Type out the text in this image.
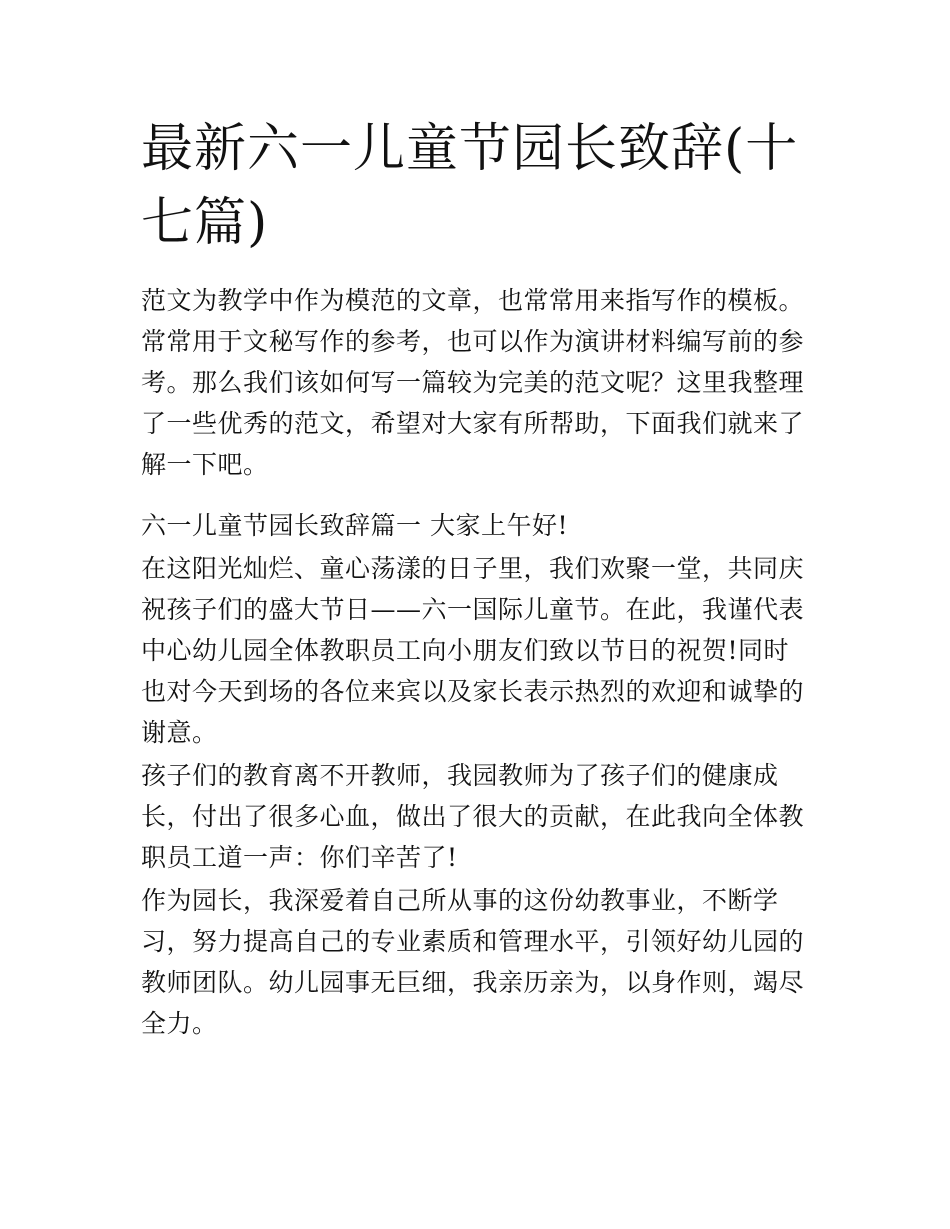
最新六一儿童节园长致辞(十七篇)

范文为教学中作为模范的文章，也常常用来指写作的模板。常常用于文秘写作的参考，也可以作为演讲材料编写前的参考。那么我们该如何写一篇较为完美的范文呢？这里我整理了一些优秀的范文，希望对大家有所帮助，下面我们就来了解一下吧。

六一儿童节园长致辞篇一 大家上午好!

在这阳光灿烂、童心荡漾的日子里，我们欢聚一堂，共同庆祝孩子们的盛大节日——六一国际儿童节。在此，我谨代表中心幼儿园全体教职员工向小朋友们致以节日的祝贺!同时也对今天到场的各位来宾以及家长表示热烈的欢迎和诚挚的谢意。

孩子们的教育离不开教师，我园教师为了孩子们的健康成长，付出了很多心血，做出了很大的贡献，在此我向全体教职员工道一声：你们辛苦了!

作为园长，我深爱着自己所从事的这份幼教事业，不断学习，努力提高自己的专业素质和管理水平，引领好幼儿园的教师团队。幼儿园事无巨细，我亲历亲为，以身作则，竭尽全力。
